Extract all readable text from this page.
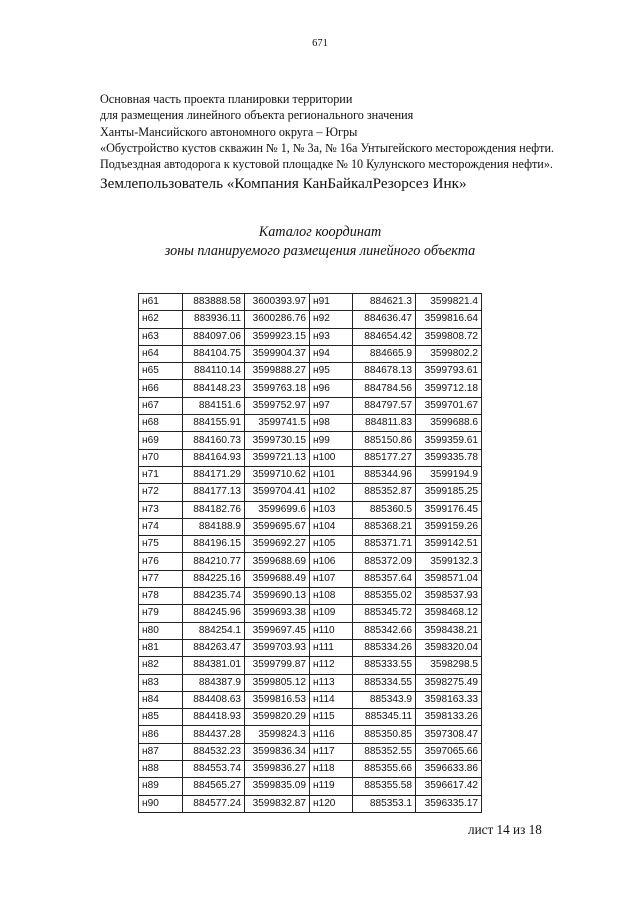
671
Основная часть проекта планировки территории
для размещения линейного объекта регионального значения
Ханты-Мансийского автономного округа – Югры
«Обустройство кустов скважин № 1, № 3а, № 16а Унтыгейского месторождения нефти.
Подъездная автодорога к кустовой площадке № 10 Кулунского месторождения нефти».
Землепользователь «Компания КанБайкалРезорсез Инк»
Каталог координат
зоны планируемого размещения линейного объекта
н61	883888.58	3600393.97	н91	884621.3	3599821.4
н62	883936.11	3600286.76	н92	884636.47	3599816.64
н63	884097.06	3599923.15	н93	884654.42	3599808.72
н64	884104.75	3599904.37	н94	884665.9	3599802.2
н65	884110.14	3599888.27	н95	884678.13	3599793.61
н66	884148.23	3599763.18	н96	884784.56	3599712.18
н67	884151.6	3599752.97	н97	884797.57	3599701.67
н68	884155.91	3599741.5	н98	884811.83	3599688.6
н69	884160.73	3599730.15	н99	885150.86	3599359.61
н70	884164.93	3599721.13	н100	885177.27	3599335.78
н71	884171.29	3599710.62	н101	885344.96	3599194.9
н72	884177.13	3599704.41	н102	885352.87	3599185.25
н73	884182.76	3599699.6	н103	885360.5	3599176.45
н74	884188.9	3599695.67	н104	885368.21	3599159.26
н75	884196.15	3599692.27	н105	885371.71	3599142.51
н76	884210.77	3599688.69	н106	885372.09	3599132.3
н77	884225.16	3599688.49	н107	885357.64	3598571.04
н78	884235.74	3599690.13	н108	885355.02	3598537.93
н79	884245.96	3599693.38	н109	885345.72	3598468.12
н80	884254.1	3599697.45	н110	885342.66	3598438.21
н81	884263.47	3599703.93	н111	885334.26	3598320.04
н82	884381.01	3599799.87	н112	885333.55	3598298.5
н83	884387.9	3599805.12	н113	885334.55	3598275.49
н84	884408.63	3599816.53	н114	885343.9	3598163.33
н85	884418.93	3599820.29	н115	885345.11	3598133.26
н86	884437.28	3599824.3	н116	885350.85	3597308.47
н87	884532.23	3599836.34	н117	885352.55	3597065.66
н88	884553.74	3599836.27	н118	885355.66	3596633.86
н89	884565.27	3599835.09	н119	885355.58	3596617.42
н90	884577.24	3599832.87	н120	885353.1	3596335.17
лист 14 из 18
